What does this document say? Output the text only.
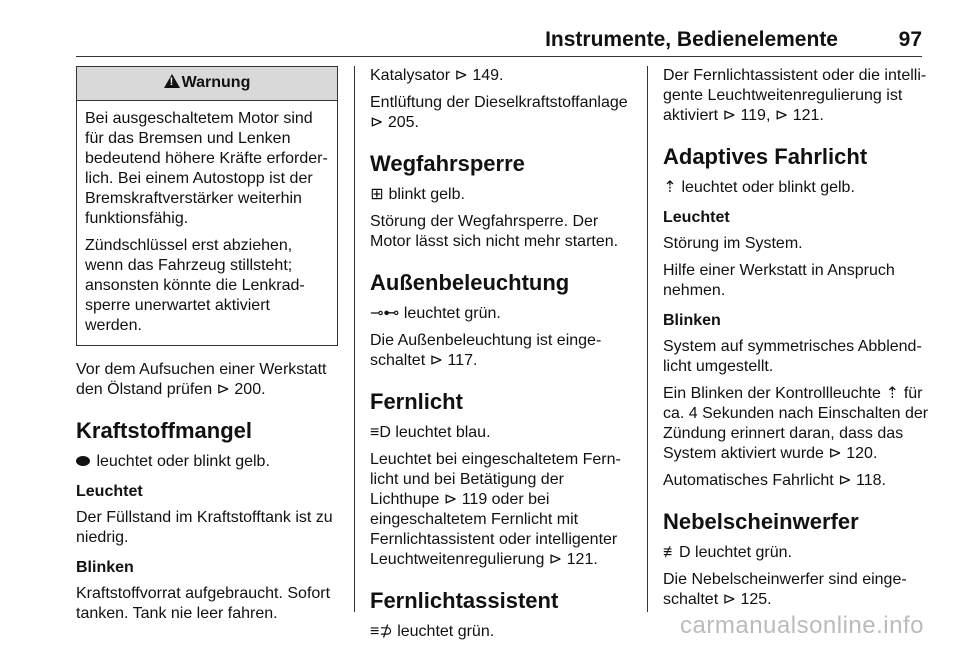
Instrumente, Bedienelemente	97
!Warnung

Bei ausgeschaltetem Motor sind für das Bremsen und Lenken bedeutend höhere Kräfte erforder-lich. Bei einem Autostopp ist der Bremskraftverstärker weiterhin funktionsfähig.

Zündschlüssel erst abziehen, wenn das Fahrzeug stillsteht; ansonsten könnte die Lenkrad-sperre unerwartet aktiviert werden.

Vor dem Aufsuchen einer Werkstatt den Ölstand prüfen ⊳ 200.

Kraftstoffmangel

leuchtet oder blinkt gelb.

Leuchtet

Der Füllstand im Kraftstofftank ist zu niedrig.

Blinken

Kraftstoffvorrat aufgebraucht. Sofort tanken. Tank nie leer fahren.

Katalysator ⊳ 149.

Entlüftung der Dieselkraftstoffanlage ⊳ 205.

Wegfahrsperre

⊞ blinkt gelb.

Störung der Wegfahrsperre. Der Motor lässt sich nicht mehr starten.

Außenbeleuchtung

⊸⊷ leuchtet grün.

Die Außenbeleuchtung ist einge-schaltet ⊳ 117.

Fernlicht

≡D leuchtet blau.

Leuchtet bei eingeschaltetem Fern-licht und bei Betätigung der Lichthupe ⊳ 119 oder bei eingeschaltetem Fernlicht mit Fernlichtassistent oder intelligenter Leuchtweitenregulierung ⊳ 121.

Fernlichtassistent

≡⊅ leuchtet grün.

Der Fernlichtassistent oder die intelli-gente Leuchtweitenregulierung ist aktiviert ⊳ 119, ⊳ 121.

Adaptives Fahrlicht

⇡ leuchtet oder blinkt gelb.

Leuchtet

Störung im System.

Hilfe einer Werkstatt in Anspruch nehmen.

Blinken

System auf symmetrisches Abblend-licht umgestellt.

Ein Blinken der Kontrollleuchte ⇡ für ca. 4 Sekunden nach Einschalten der Zündung erinnert daran, dass das System aktiviert wurde ⊳ 120.

Automatisches Fahrlicht ⊳ 118.

Nebelscheinwerfer

≢D leuchtet grün.

Die Nebelscheinwerfer sind einge-schaltet ⊳ 125.

carmanualsonline.info
